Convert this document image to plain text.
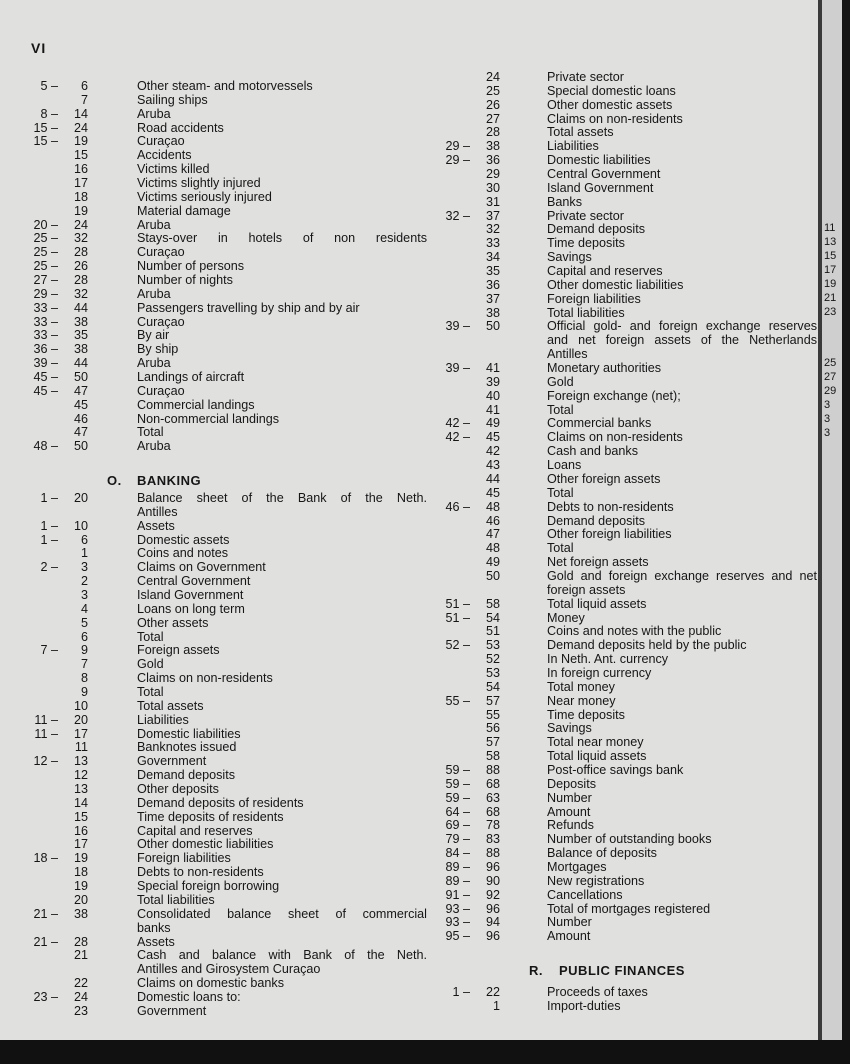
VI
5 –	6	Other steam- and motorvessels
7	Sailing ships
8 –	14	Aruba
15 –	24	Road accidents
15 –	19	Curaçao
15	Accidents
16	Victims killed
17	Victims slightly injured
18	Victims seriously injured
19	Material damage
20 –	24	Aruba
25 –	32	Stays-over in hotels of non residents
25 –	28	Curaçao
25 –	26	Number of persons
27 –	28	Number of nights
29 –	32	Aruba
33 –	44	Passengers travelling by ship and by air
33 –	38	Curaçao
33 –	35	By air
36 –	38	By ship
39 –	44	Aruba
45 –	50	Landings of aircraft
45 –	47	Curaçao
45	Commercial landings
46	Non-commercial landings
47	Total
48 –	50	Aruba
O.	BANKING
1 –	20	Balance sheet of the Bank of the Neth.
Antilles
1 –	10	Assets
1 –	6	Domestic assets
1	Coins and notes
2 –	3	Claims on Government
2	Central Government
3	Island Government
4	Loans on long term
5	Other assets
6	Total
7 –	9	Foreign assets
7	Gold
8	Claims on non-residents
9	Total
10	Total assets
11 –	20	Liabilities
11 –	17	Domestic liabilities
11	Banknotes issued
12 –	13	Government
12	Demand deposits
13	Other deposits
14	Demand deposits of residents
15	Time deposits of residents
16	Capital and reserves
17	Other domestic liabilities
18 –	19	Foreign liabilities
18	Debts to non-residents
19	Special foreign borrowing
20	Total liabilities
21 –	38	Consolidated balance sheet of commercial
banks
21 –	28	Assets
21	Cash and balance with Bank of the Neth.
Antilles and Girosystem Curaçao
22	Claims on domestic banks
23 –	24	Domestic loans to:
23	Government
24	Private sector
25	Special domestic loans
26	Other domestic assets
27	Claims on non-residents
28	Total assets
29 –	38	Liabilities
29 –	36	Domestic liabilities
29	Central Government
30	Island Government
31	Banks
32 –	37	Private sector
32	Demand deposits
33	Time deposits
34	Savings
35	Capital and reserves
36	Other domestic liabilities
37	Foreign liabilities
38	Total liabilities
39 –	50	Official gold- and foreign exchange reserves
and net foreign assets of the Netherlands
Antilles
39 –	41	Monetary authorities
39	Gold
40	Foreign exchange (net);
41	Total
42 –	49	Commercial banks
42 –	45	Claims on non-residents
42	Cash and banks
43	Loans
44	Other foreign assets
45	Total
46 –	48	Debts to non-residents
46	Demand deposits
47	Other foreign liabilities
48	Total
49	Net foreign assets
50	Gold and foreign exchange reserves and net
foreign assets
51 –	58	Total liquid assets
51 –	54	Money
51	Coins and notes with the public
52 –	53	Demand deposits held by the public
52	In Neth. Ant. currency
53	In foreign currency
54	Total money
55 –	57	Near money
55	Time deposits
56	Savings
57	Total near money
58	Total liquid assets
59 –	88	Post-office savings bank
59 –	68	Deposits
59 –	63	Number
64 –	68	Amount
69 –	78	Refunds
79 –	83	Number of outstanding books
84 –	88	Balance of deposits
89 –	96	Mortgages
89 –	90	New registrations
91 –	92	Cancellations
93 –	96	Total of mortgages registered
93 –	94	Number
95 –	96	Amount
R.	PUBLIC FINANCES
1 –	22	Proceeds of taxes
1	Import-duties
11
13
15
17
19
21
23
25
27
29
3
3
3
